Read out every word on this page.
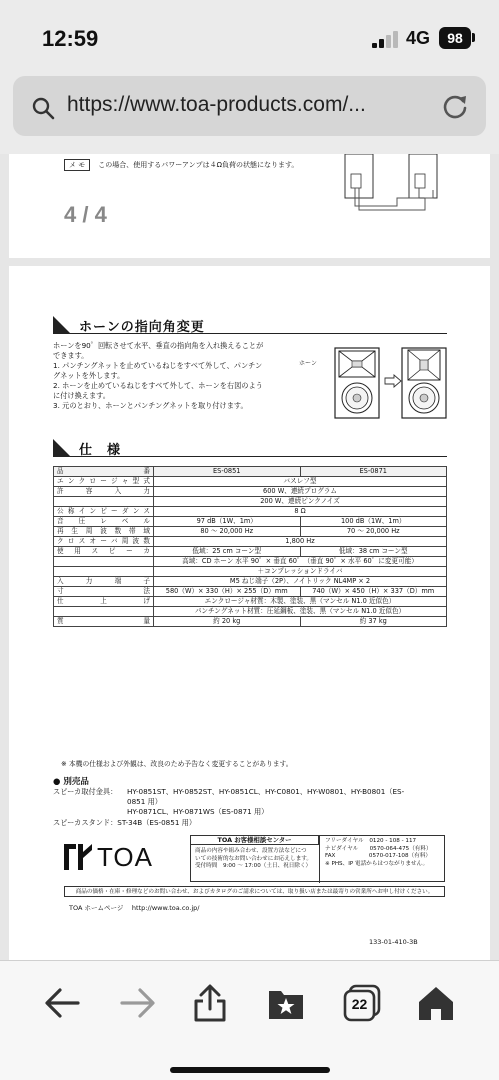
12:59	4G	98
https://www.toa-products.com/...
メ モ この場合、使用するパワーアンプは４Ω負荷の状態になります。
4 / 4
ホーンの指向角変更
ホーンを90゜回転させて水平、垂直の指向角を入れ換えることが
できます。
1. パンチングネットを止めているねじをすべて外して、パンチン
グネットを外します。
2. ホーンを止めているねじをすべて外して、ホーンを右図のよう
に付け換えます。
3. 元のとおり、ホーンとパンチングネットを取り付けます。
ホーン
仕　様
品　番	ES-0851	ES-0871
エンクロージャ型式	バスレフ型	
許　容　入　力	600 W、連続プログラム	
	200 W、連続ピンクノイズ	
公称インピーダンス	8 Ω	
音　圧　レ　ベ　ル	97 dB（1W、1m）	100 dB（1W、1m）
再　生　周　波　数　帯　域	80 ～ 20,000 Hz	70 ～ 20,000 Hz
クロスオーバ周波数	1,800 Hz	
使　用　ス　ピ　ー　カ	低域：25 cm コーン型	低域：38 cm コーン型
	高域：CD ホーン 水平 90゜× 垂直 60゜（垂直 90゜× 水平 60゜に変更可能）	
	＋コンプレッションドライバ	
入　力　端　子	M5 ねじ端子（2P）、ノイトリック NL4MP × 2	
寸　　　　　法	580（W）× 330（H）× 255（D）mm	740（W）× 450（H）× 337（D）mm
仕　　上　　げ	エンクロージャ材質：木製、塗装、黒（マンセル N1.0 近似色）	
	パンチングネット材質：圧延鋼板、塗装、黒（マンセル N1.0 近似色）	
質　　　　　量	約 20 kg	約 37 kg
※ 本機の仕様および外観は、改良のため予告なく変更することがあります。
● 別売品
スピーカ取付金具： HY-0851ST、HY-0852ST、HY-0851CL、HY-C0801、HY-W0801、HY-B0801（ES-
0851 用）
HY-0871CL、HY-0871WS（ES-0871 用）
スピーカスタンド：ST-34B（ES-0851 用）
TOA
TOA お客様相談センター
商品の内容や組み合わせ、設置方法などにつ
いての技術的なお問い合わせにお応えします。
受付時間　9:00 ～ 17:00（土日、祝日除く）
フリーダイヤル　0120 - 108 - 117
ナビダイヤル　　0570-064-475（有料）
FAX　　　　　　0570-017-108（有料）
※ PHS、IP 電話からはつながりません。
商品の価格・在庫・修理などのお問い合わせ、およびカタログのご請求については、取り扱い店または最寄りの営業所へお申し付けください。
TOA ホームページ　 http://www.toa.co.jp/
133-01-410-3B
22
